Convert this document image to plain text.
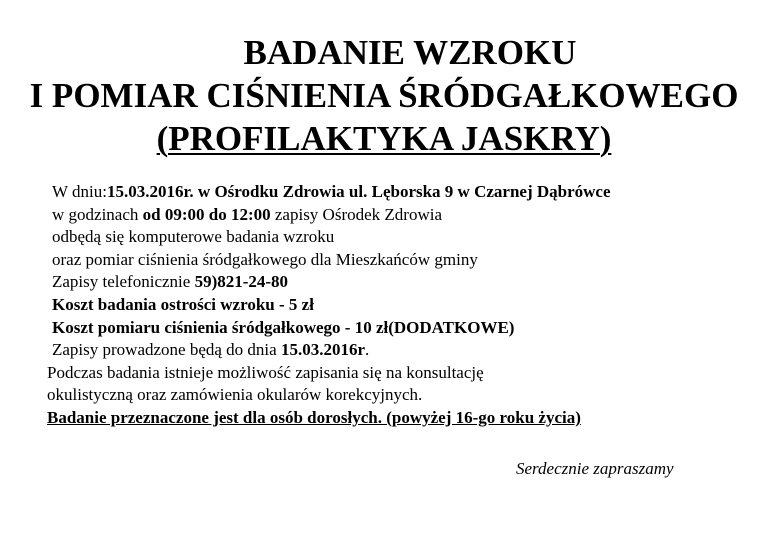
BADANIE WZROKU
I POMIAR CIŚNIENIA ŚRÓDGAŁKOWEGO
(PROFILAKTYKA JASKRY)
W dniu:15.03.2016r. w Ośrodku Zdrowia ul. Lęborska 9 w Czarnej Dąbrówce
w godzinach od 09:00 do 12:00 zapisy Ośrodek Zdrowia
odbędą się komputerowe badania wzroku
oraz pomiar ciśnienia śródgałkowego dla Mieszkańców gminy
Zapisy telefonicznie 59)821-24-80
Koszt badania ostrości wzroku - 5 zł
Koszt pomiaru ciśnienia śródgałkowego - 10 zł(DODATKOWE)
Zapisy prowadzone będą do dnia 15.03.2016r.
Podczas badania istnieje możliwość zapisania się na konsultację
okulistyczną oraz zamówienia okularów korekcyjnych.
Badanie przeznaczone jest dla osób dorosłych. (powyżej 16-go roku życia)
Serdecznie zapraszamy
